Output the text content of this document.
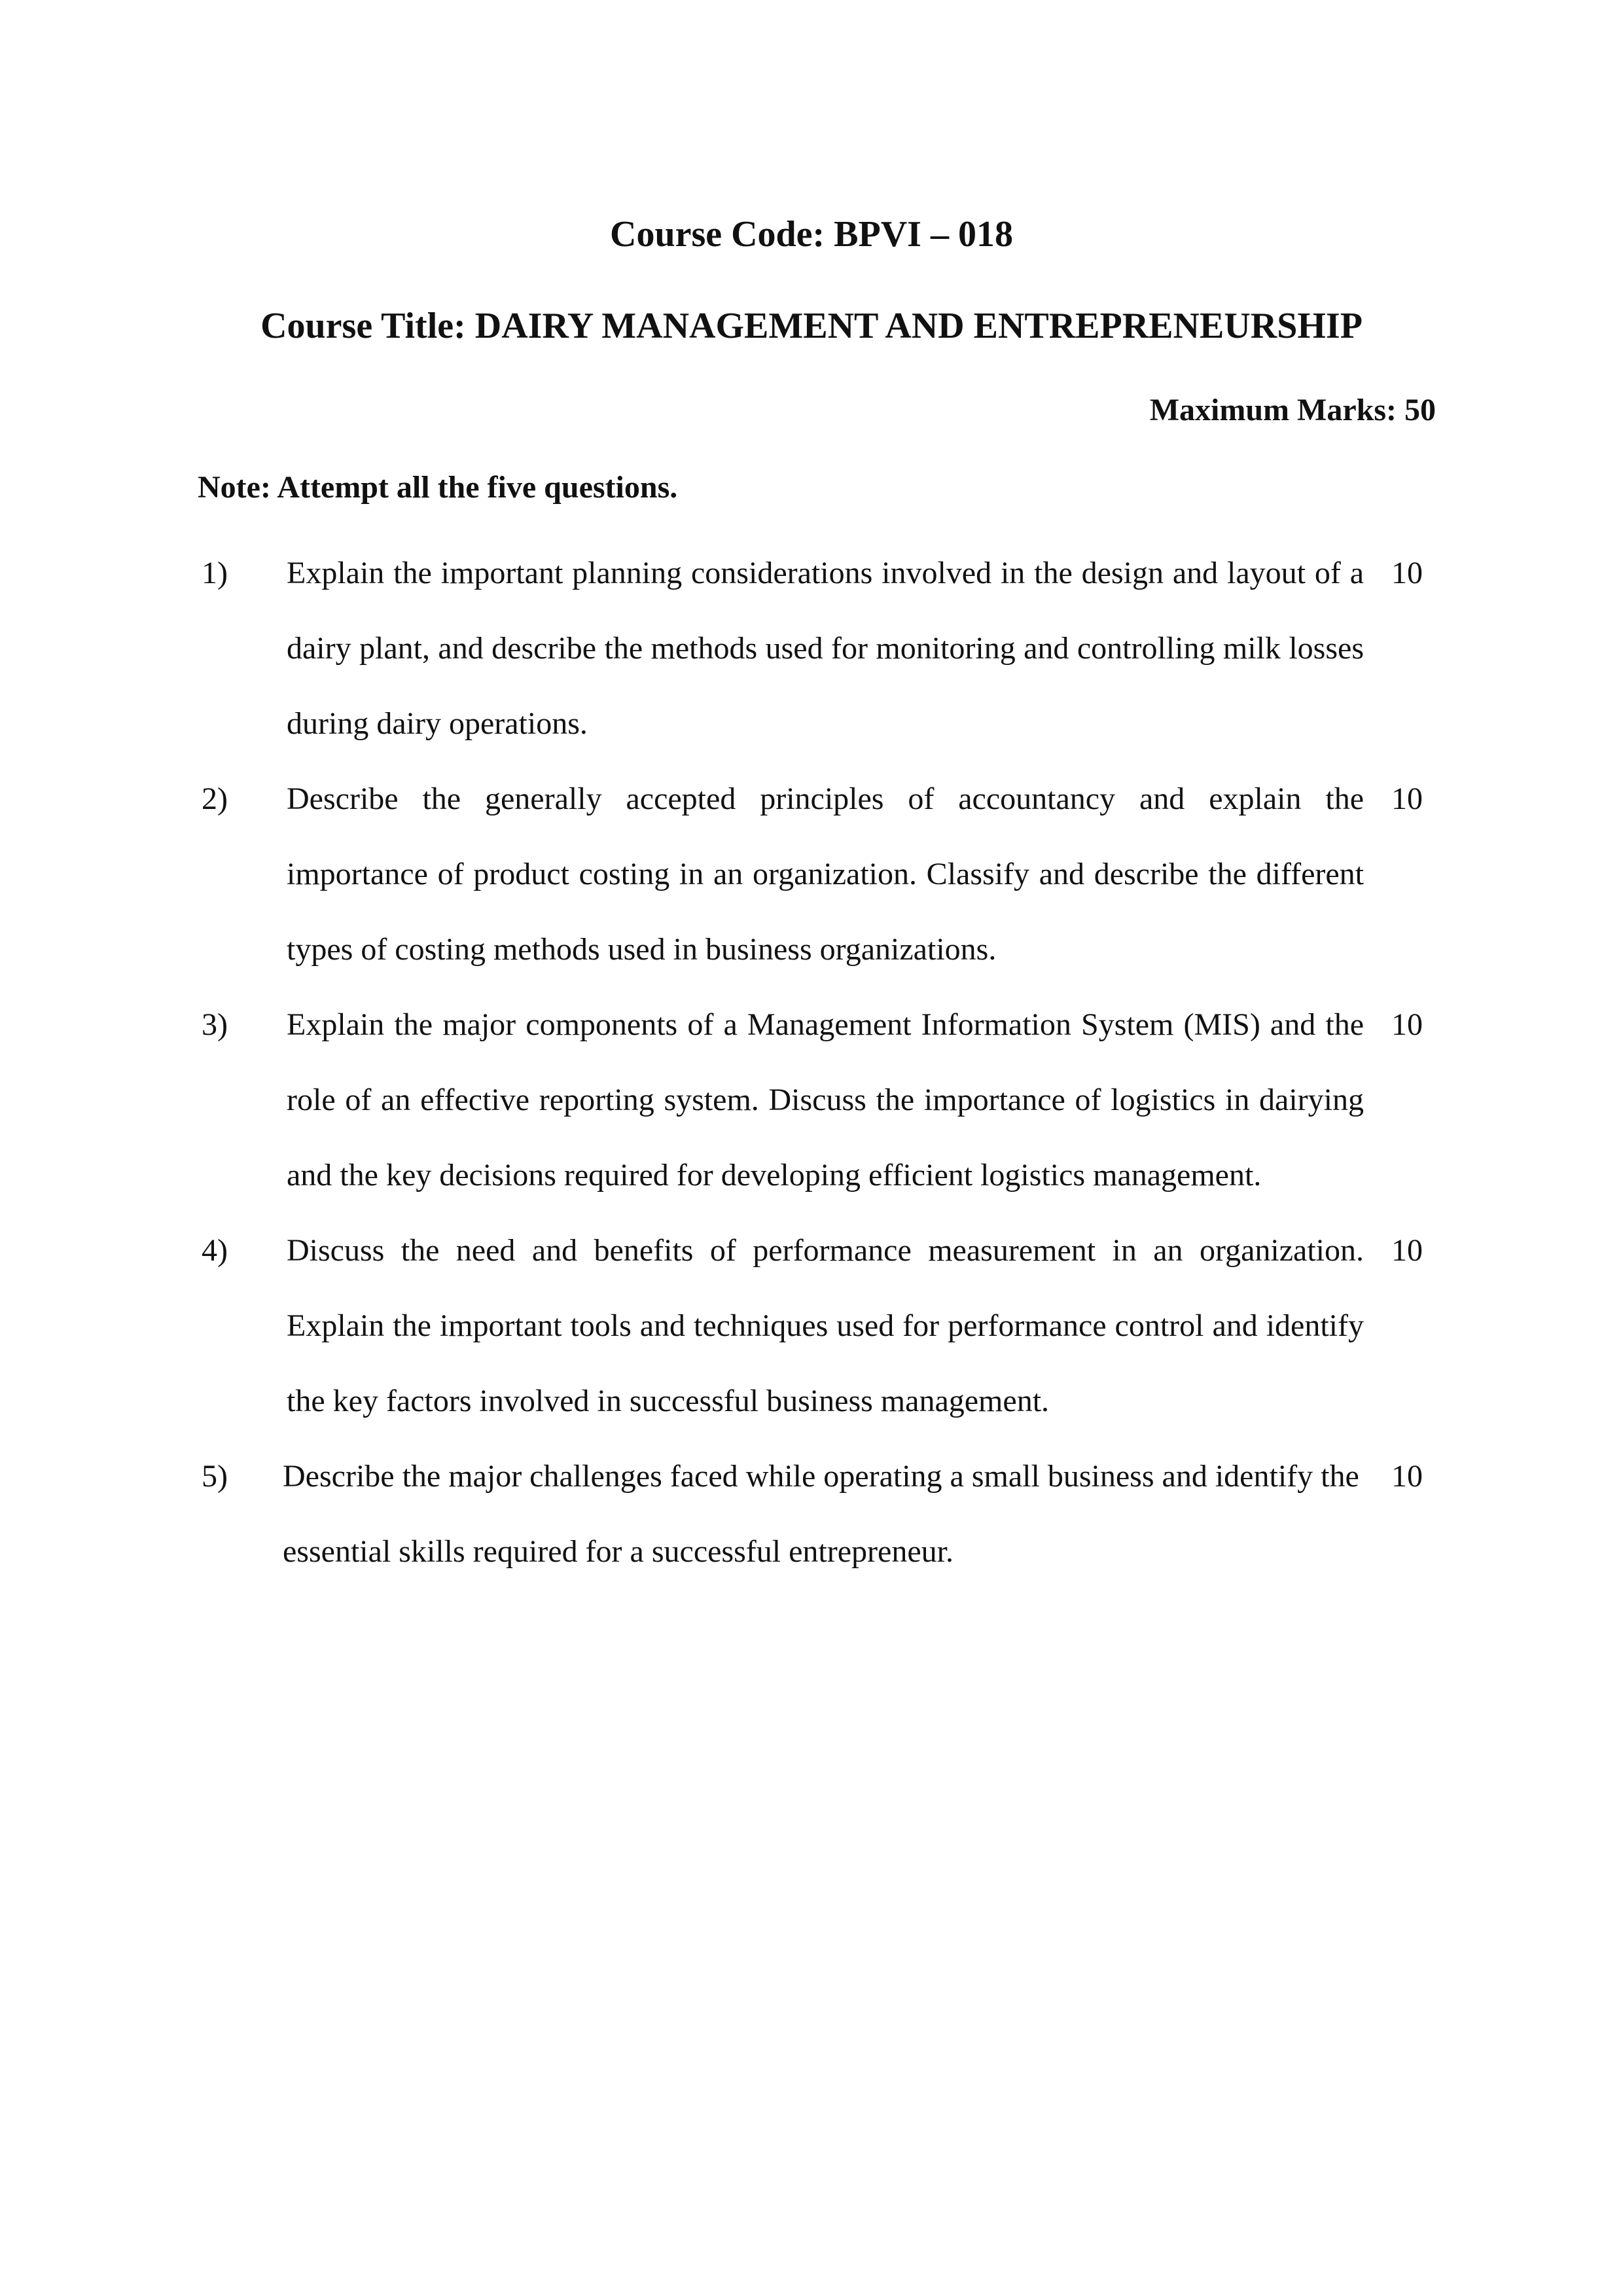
Course Code: BPVI – 018
Course Title: DAIRY MANAGEMENT AND ENTREPRENEURSHIP
Maximum Marks: 50
Note: Attempt all the five questions.
1) Explain the important planning considerations involved in the design and layout of a dairy plant, and describe the methods used for monitoring and controlling milk losses during dairy operations.
10
2) Describe the generally accepted principles of accountancy and explain the importance of product costing in an organization. Classify and describe the different types of costing methods used in business organizations.
10
3) Explain the major components of a Management Information System (MIS) and the role of an effective reporting system. Discuss the importance of logistics in dairying and the key decisions required for developing efficient logistics management.
10
4) Discuss the need and benefits of performance measurement in an organization. Explain the important tools and techniques used for performance control and identify the key factors involved in successful business management.
10
5) Describe the major challenges faced while operating a small business and identify the essential skills required for a successful entrepreneur.
10
